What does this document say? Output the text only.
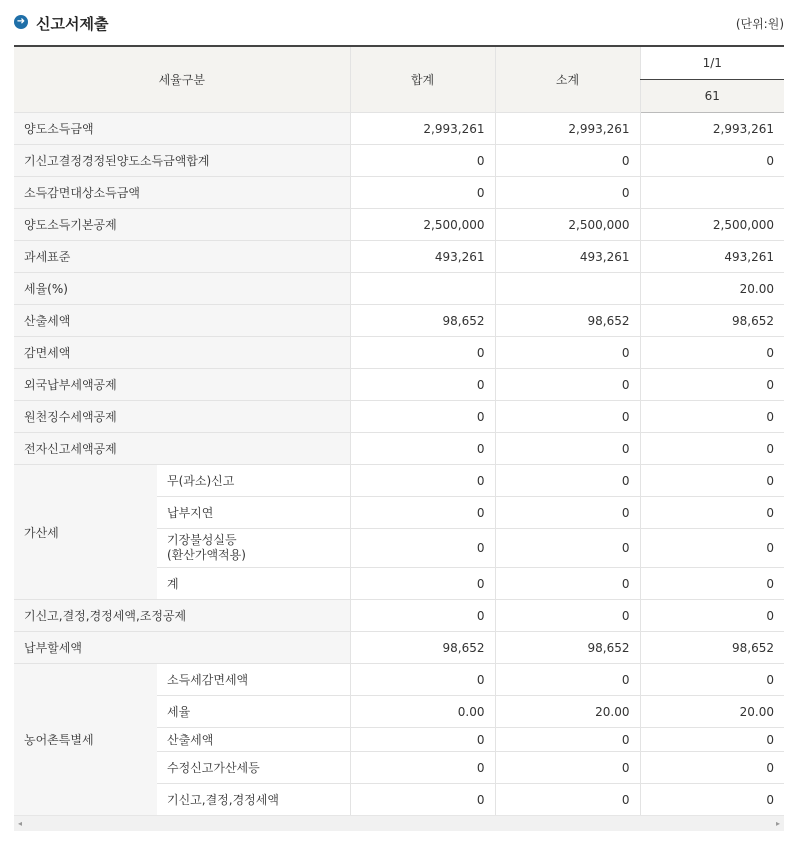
➜ 신고서제출	(단위:원)
세율구분		합계	소계	1/1
				61
양도소득금액		2,993,261	2,993,261	2,993,261
기신고결정경정된양도소득금액합계		0	0	0
소득감면대상소득금액		0	0	
양도소득기본공제		2,500,000	2,500,000	2,500,000
과세표준		493,261	493,261	493,261
세율(%)				20.00
산출세액		98,652	98,652	98,652
감면세액		0	0	0
외국납부세액공제		0	0	0
원천징수세액공제		0	0	0
전자신고세액공제		0	0	0
가산세	무(과소)신고	0	0	0
	납부지연	0	0	0
	기장불성실등
(환산가액적용)	0	0	0
	계	0	0	0
기신고,결정,경정세액,조정공제		0	0	0
납부할세액		98,652	98,652	98,652
농어촌특별세	소득세감면세액	0	0	0
	세율	0.00	20.00	20.00
	산출세액	0	0	0
	수정신고가산세등	0	0	0
	기신고,결정,경정세액	0	0	0
◂	▸
